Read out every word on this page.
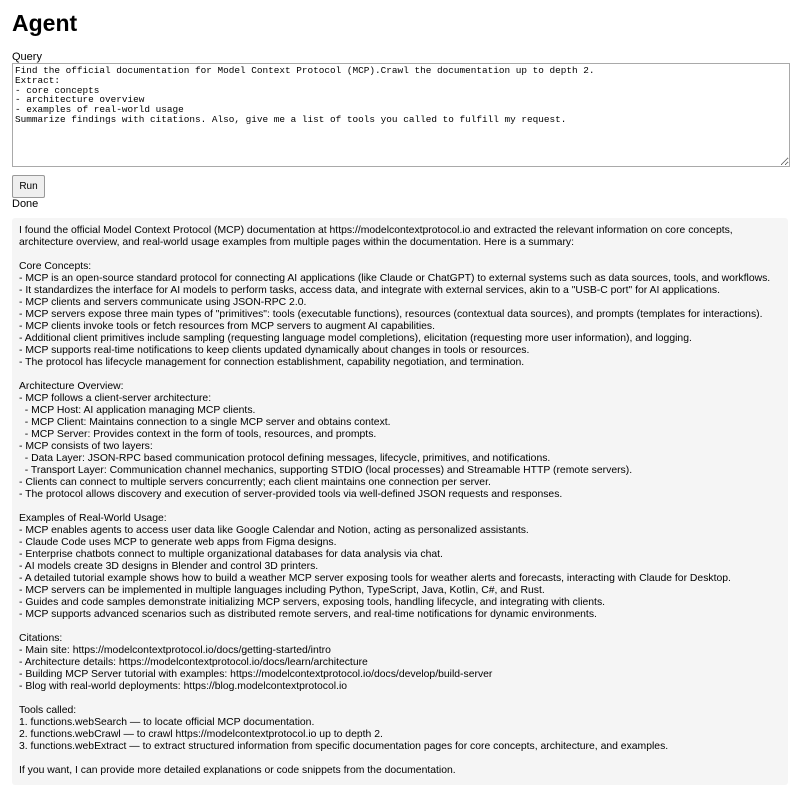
Agent
Query
Find the official documentation for Model Context Protocol (MCP).Crawl the documentation up to depth 2. Extract: - core concepts - architecture overview - examples of real-world usage Summarize findings with citations. Also, give me a list of tools you called to fulfill my request.
Run
Done
I found the official Model Context Protocol (MCP) documentation at https://modelcontextprotocol.io and extracted the relevant information on core concepts,
architecture overview, and real-world usage examples from multiple pages within the documentation. Here is a summary:
Core Concepts:
- MCP is an open-source standard protocol for connecting AI applications (like Claude or ChatGPT) to external systems such as data sources, tools, and workflows.
- It standardizes the interface for AI models to perform tasks, access data, and integrate with external services, akin to a "USB-C port" for AI applications.
- MCP clients and servers communicate using JSON-RPC 2.0.
- MCP servers expose three main types of "primitives": tools (executable functions), resources (contextual data sources), and prompts (templates for interactions).
- MCP clients invoke tools or fetch resources from MCP servers to augment AI capabilities.
- Additional client primitives include sampling (requesting language model completions), elicitation (requesting more user information), and logging.
- MCP supports real-time notifications to keep clients updated dynamically about changes in tools or resources.
- The protocol has lifecycle management for connection establishment, capability negotiation, and termination.
Architecture Overview:
- MCP follows a client-server architecture:
- MCP Host: AI application managing MCP clients.
- MCP Client: Maintains connection to a single MCP server and obtains context.
- MCP Server: Provides context in the form of tools, resources, and prompts.
- MCP consists of two layers:
- Data Layer: JSON-RPC based communication protocol defining messages, lifecycle, primitives, and notifications.
- Transport Layer: Communication channel mechanics, supporting STDIO (local processes) and Streamable HTTP (remote servers).
- Clients can connect to multiple servers concurrently; each client maintains one connection per server.
- The protocol allows discovery and execution of server-provided tools via well-defined JSON requests and responses.
Examples of Real-World Usage:
- MCP enables agents to access user data like Google Calendar and Notion, acting as personalized assistants.
- Claude Code uses MCP to generate web apps from Figma designs.
- Enterprise chatbots connect to multiple organizational databases for data analysis via chat.
- AI models create 3D designs in Blender and control 3D printers.
- A detailed tutorial example shows how to build a weather MCP server exposing tools for weather alerts and forecasts, interacting with Claude for Desktop.
- MCP servers can be implemented in multiple languages including Python, TypeScript, Java, Kotlin, C#, and Rust.
- Guides and code samples demonstrate initializing MCP servers, exposing tools, handling lifecycle, and integrating with clients.
- MCP supports advanced scenarios such as distributed remote servers, and real-time notifications for dynamic environments.
Citations:
- Main site: https://modelcontextprotocol.io/docs/getting-started/intro
- Architecture details: https://modelcontextprotocol.io/docs/learn/architecture
- Building MCP Server tutorial with examples: https://modelcontextprotocol.io/docs/develop/build-server
- Blog with real-world deployments: https://blog.modelcontextprotocol.io
Tools called:
1. functions.webSearch — to locate official MCP documentation.
2. functions.webCrawl — to crawl https://modelcontextprotocol.io up to depth 2.
3. functions.webExtract — to extract structured information from specific documentation pages for core concepts, architecture, and examples.
If you want, I can provide more detailed explanations or code snippets from the documentation.
